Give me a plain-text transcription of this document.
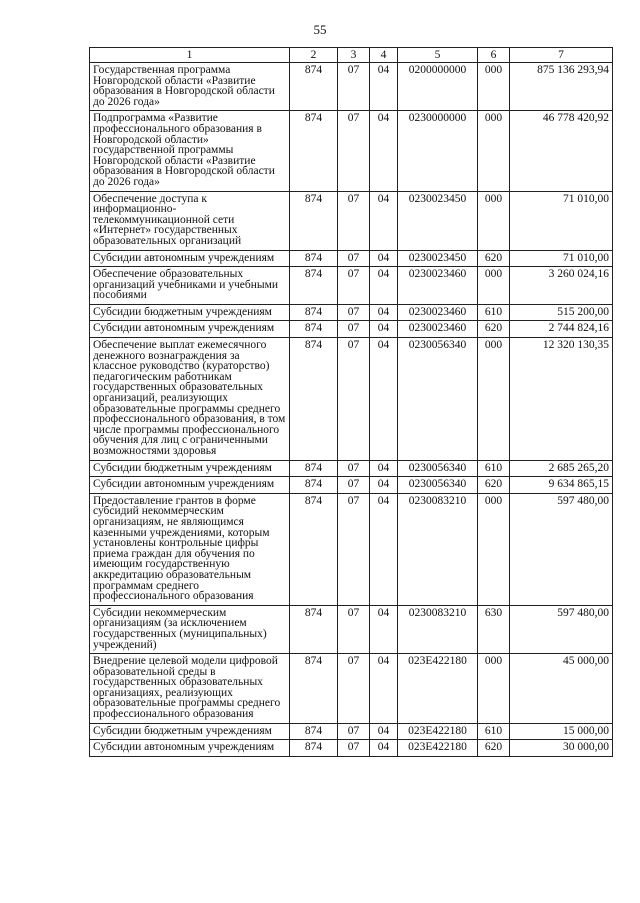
55
1	2	3	4	5	6	7
Государственная программа Новгородской области «Развитие образования в Новгородской области до 2026 года»	874	07	04	0200000000	000	875 136 293,94
Подпрограмма «Развитие профессионального образования в Новгородской области» государственной программы Новгородской области «Развитие образования в Новгородской области до 2026 года»	874	07	04	0230000000	000	46 778 420,92
Обеспечение доступа к информационно-телекоммуникационной сети «Интернет» государственных образовательных организаций	874	07	04	0230023450	000	71 010,00
Субсидии автономным учреждениям	874	07	04	0230023450	620	71 010,00
Обеспечение образовательных организаций учебниками и учебными пособиями	874	07	04	0230023460	000	3 260 024,16
Субсидии бюджетным учреждениям	874	07	04	0230023460	610	515 200,00
Субсидии автономным учреждениям	874	07	04	0230023460	620	2 744 824,16
Обеспечение выплат ежемесячного денежного вознаграждения за классное руководство (кураторство) педагогическим работникам государственных образовательных организаций, реализующих образовательные программы среднего профессионального образования, в том числе программы профессионального обучения для лиц с ограниченными возможностями здоровья	874	07	04	0230056340	000	12 320 130,35
Субсидии бюджетным учреждениям	874	07	04	0230056340	610	2 685 265,20
Субсидии автономным учреждениям	874	07	04	0230056340	620	9 634 865,15
Предоставление грантов в форме субсидий некоммерческим организациям, не являющимся казенными учреждениями, которым установлены контрольные цифры приема граждан для обучения по имеющим государственную аккредитацию образовательным программам среднего профессионального образования	874	07	04	0230083210	000	597 480,00
Субсидии некоммерческим организациям (за исключением государственных (муниципальных) учреждений)	874	07	04	0230083210	630	597 480,00
Внедрение целевой модели цифровой образовательной среды в государственных образовательных организациях, реализующих образовательные программы среднего профессионального образования	874	07	04	023E422180	000	45 000,00
Субсидии бюджетным учреждениям	874	07	04	023E422180	610	15 000,00
Субсидии автономным учреждениям	874	07	04	023E422180	620	30 000,00
